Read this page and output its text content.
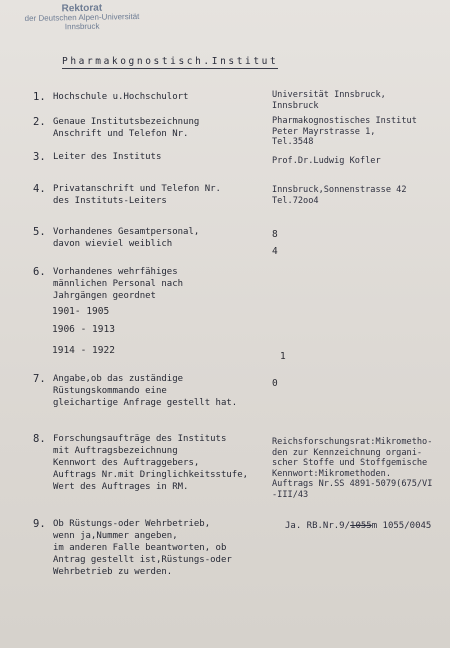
Rektorat
der Deutschen Alpen-Universität
Innsbruck
Pharmakognostisch.Institut
1. Hochschule u.Hochschulort
2. Genaue Institutsbezeichnung
Anschrift und Telefon Nr.
3. Leiter des Instituts
4. Privatanschrift und Telefon Nr.
des Instituts-Leiters
5. Vorhandenes Gesamtpersonal,
davon wieviel weiblich
6. Vorhandenes wehrfähiges
männlichen Personal nach
Jahrgängen geordnet
1901- 1905
1906 - 1913
1914 - 1922
7. Angabe,ob das zuständige
Rüstungskommando eine
gleichartige Anfrage gestellt hat.
8. Forschungsaufträge des Instituts
mit Auftragsbezeichnung
Kennwort des Auftraggebers,
Auftrags Nr.mit Dringlichkeitsstufe,
Wert des Auftrages in RM.
9. Ob Rüstungs-oder Wehrbetrieb,
wenn ja,Nummer angeben,
im anderen Falle beantworten, ob
Antrag gestellt ist,Rüstungs-oder
Wehrbetrieb zu werden.
Universität Innsbruck,
Innsbruck
Pharmakognostisches Institut
Peter Mayrstrasse 1,
Tel.3548
Prof.Dr.Ludwig Kofler
Innsbruck,Sonnenstrasse 42
Tel.72oo4
8
4
1
0
Reichsforschungsrat:Mikrometho-
den zur Kennzeichnung organi-
scher Stoffe und Stoffgemische
Kennwort:Mikromethoden.
Auftrags Nr.SS 4891-5079(675/VI
-III/43
Ja. RB.Nr.9/1055m 1055/0045
